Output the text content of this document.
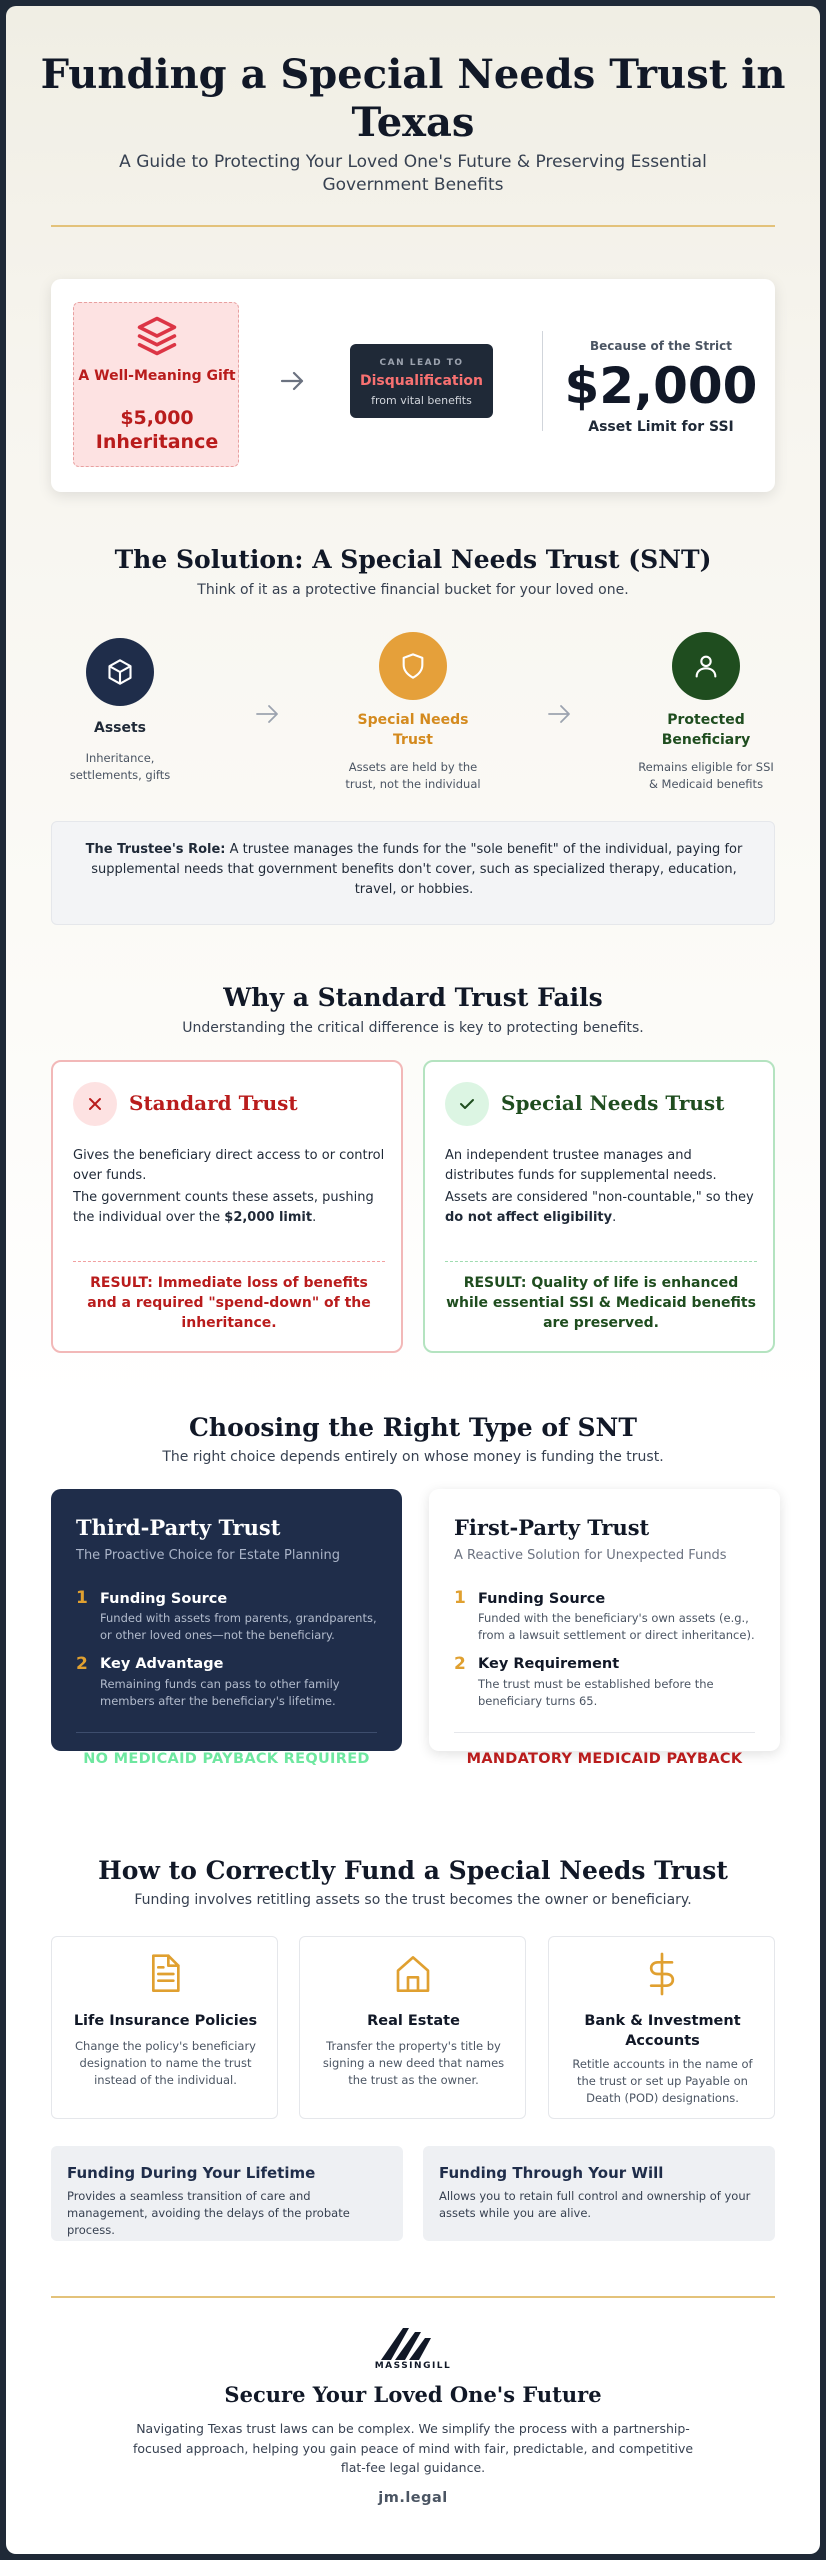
Funding a Special Needs Trust in Texas
A Guide to Protecting Your Loved One's Future & Preserving Essential Government Benefits
A Well-Meaning Gift
$5,000
Inheritance
CAN LEAD TO
Disqualification
from vital benefits
Because of the Strict
$2,000
Asset Limit for SSI
The Solution: A Special Needs Trust (SNT)
Think of it as a protective financial bucket for your loved one.
Assets
Inheritance, settlements, gifts
Special Needs Trust
Assets are held by the trust, not the individual
Protected Beneficiary
Remains eligible for SSI & Medicaid benefits

The Trustee's Role: A trustee manages the funds for the "sole benefit" of the individual, paying for supplemental needs that government benefits don't cover, such as specialized therapy, education, travel, or hobbies.

Why a Standard Trust Fails
Understanding the critical difference is key to protecting benefits.
Standard Trust
Gives the beneficiary direct access to or control over funds.
The government counts these assets, pushing the individual over the $2,000 limit.
RESULT: Immediate loss of benefits and a required "spend-down" of the inheritance.
Special Needs Trust
An independent trustee manages and distributes funds for supplemental needs.
Assets are considered "non-countable," so they do not affect eligibility.
RESULT: Quality of life is enhanced while essential SSI & Medicaid benefits are preserved.
Choosing the Right Type of SNT
The right choice depends entirely on whose money is funding the trust.
Third-Party Trust
The Proactive Choice for Estate Planning
1 Funding Source
Funded with assets from parents, grandparents, or other loved ones—not the beneficiary.
2 Key Advantage
Remaining funds can pass to other family members after the beneficiary's lifetime.
NO MEDICAID PAYBACK REQUIRED
First-Party Trust
A Reactive Solution for Unexpected Funds
1 Funding Source
Funded with the beneficiary's own assets (e.g., from a lawsuit settlement or direct inheritance).
2 Key Requirement
The trust must be established before the beneficiary turns 65.
MANDATORY MEDICAID PAYBACK
How to Correctly Fund a Special Needs Trust
Funding involves retitling assets so the trust becomes the owner or beneficiary.
Life Insurance Policies
Change the policy's beneficiary designation to name the trust instead of the individual.
Real Estate
Transfer the property's title by signing a new deed that names the trust as the owner.
Bank & Investment Accounts
Retitle accounts in the name of the trust or set up Payable on Death (POD) designations.
Funding During Your Lifetime
Provides a seamless transition of care and management, avoiding the delays of the probate process.
Funding Through Your Will
Allows you to retain full control and ownership of your assets while you are alive.
MASSINGILL
Secure Your Loved One's Future
Navigating Texas trust laws can be complex. We simplify the process with a partnership-focused approach, helping you gain peace of mind with fair, predictable, and competitive flat-fee legal guidance.
jm.legal
